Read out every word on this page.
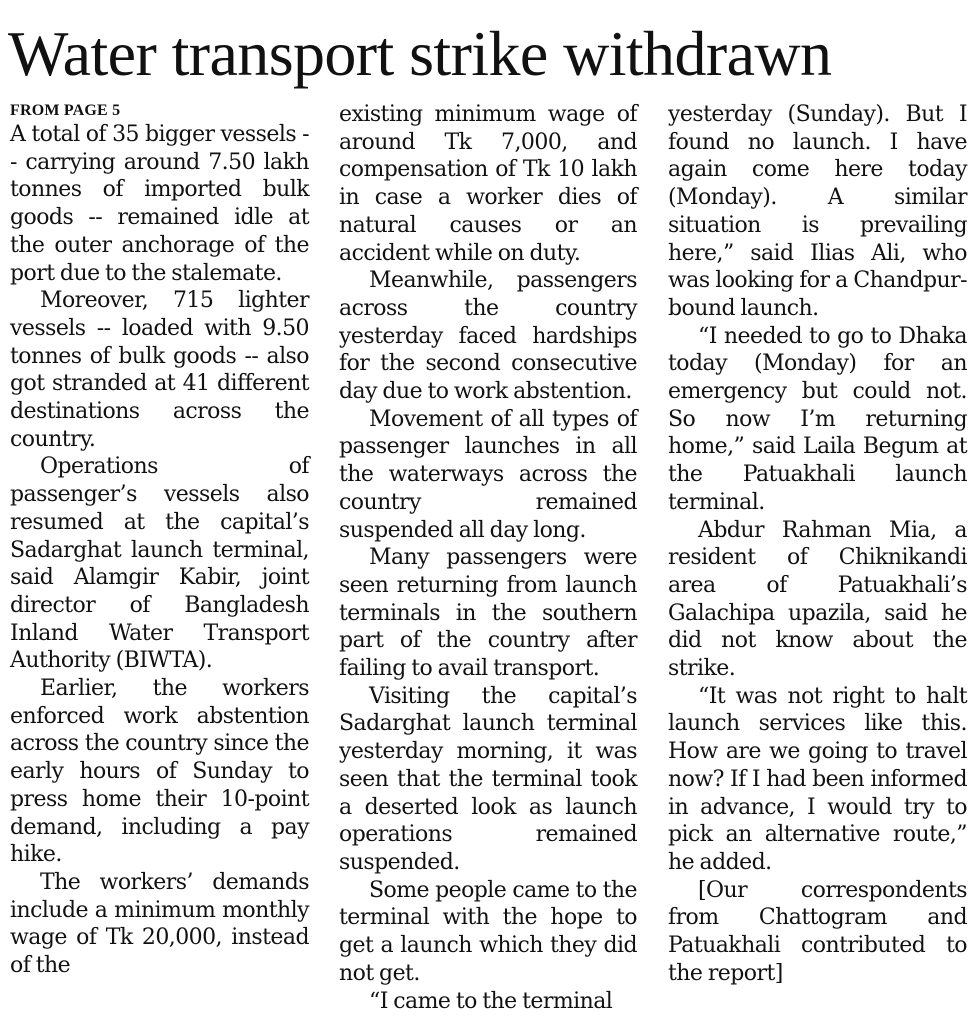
Water transport strike withdrawn
FROM PAGE 5

A total of 35 bigger vessels -- carrying around 7.50 lakh tonnes of imported bulk goods -- remained idle at the outer anchorage of the port due to the stalemate.

Moreover, 715 lighter vessels -- loaded with 9.50 tonnes of bulk goods -- also got stranded at 41 different destinations across the country.

Operations of passenger’s vessels also resumed at the capital’s Sadarghat launch terminal, said Alamgir Kabir, joint director of Bangladesh Inland Water Transport Authority (BIWTA).

Earlier, the workers enforced work abstention across the country since the early hours of Sunday to press home their 10-point demand, including a pay hike.

The workers’ demands include a minimum monthly wage of Tk 20,000, instead of the

existing minimum wage of around Tk 7,000, and compensation of Tk 10 lakh in case a worker dies of natural causes or an accident while on duty.

Meanwhile, passengers across the country yesterday faced hardships for the second consecutive day due to work abstention.

Movement of all types of passenger launches in all the waterways across the country remained suspended all day long.

Many passengers were seen returning from launch terminals in the southern part of the country after failing to avail transport.

Visiting the capital’s Sadarghat launch terminal yesterday morning, it was seen that the terminal took a deserted look as launch operations remained suspended.

Some people came to the terminal with the hope to get a launch which they did not get.

“I came to the terminal

yesterday (Sunday). But I found no launch. I have again come here today (Monday). A similar situation is prevailing here,” said Ilias Ali, who was looking for a Chandpur-bound launch.

“I needed to go to Dhaka today (Monday) for an emergency but could not. So now I’m returning home,” said Laila Begum at the Patuakhali launch terminal.

Abdur Rahman Mia, a resident of Chiknikandi area of Patuakhali’s Galachipa upazila, said he did not know about the strike.

“It was not right to halt launch services like this. How are we going to travel now? If I had been informed in advance, I would try to pick an alternative route,” he added.

[Our correspondents from Chattogram and Patuakhali contributed to the report]
